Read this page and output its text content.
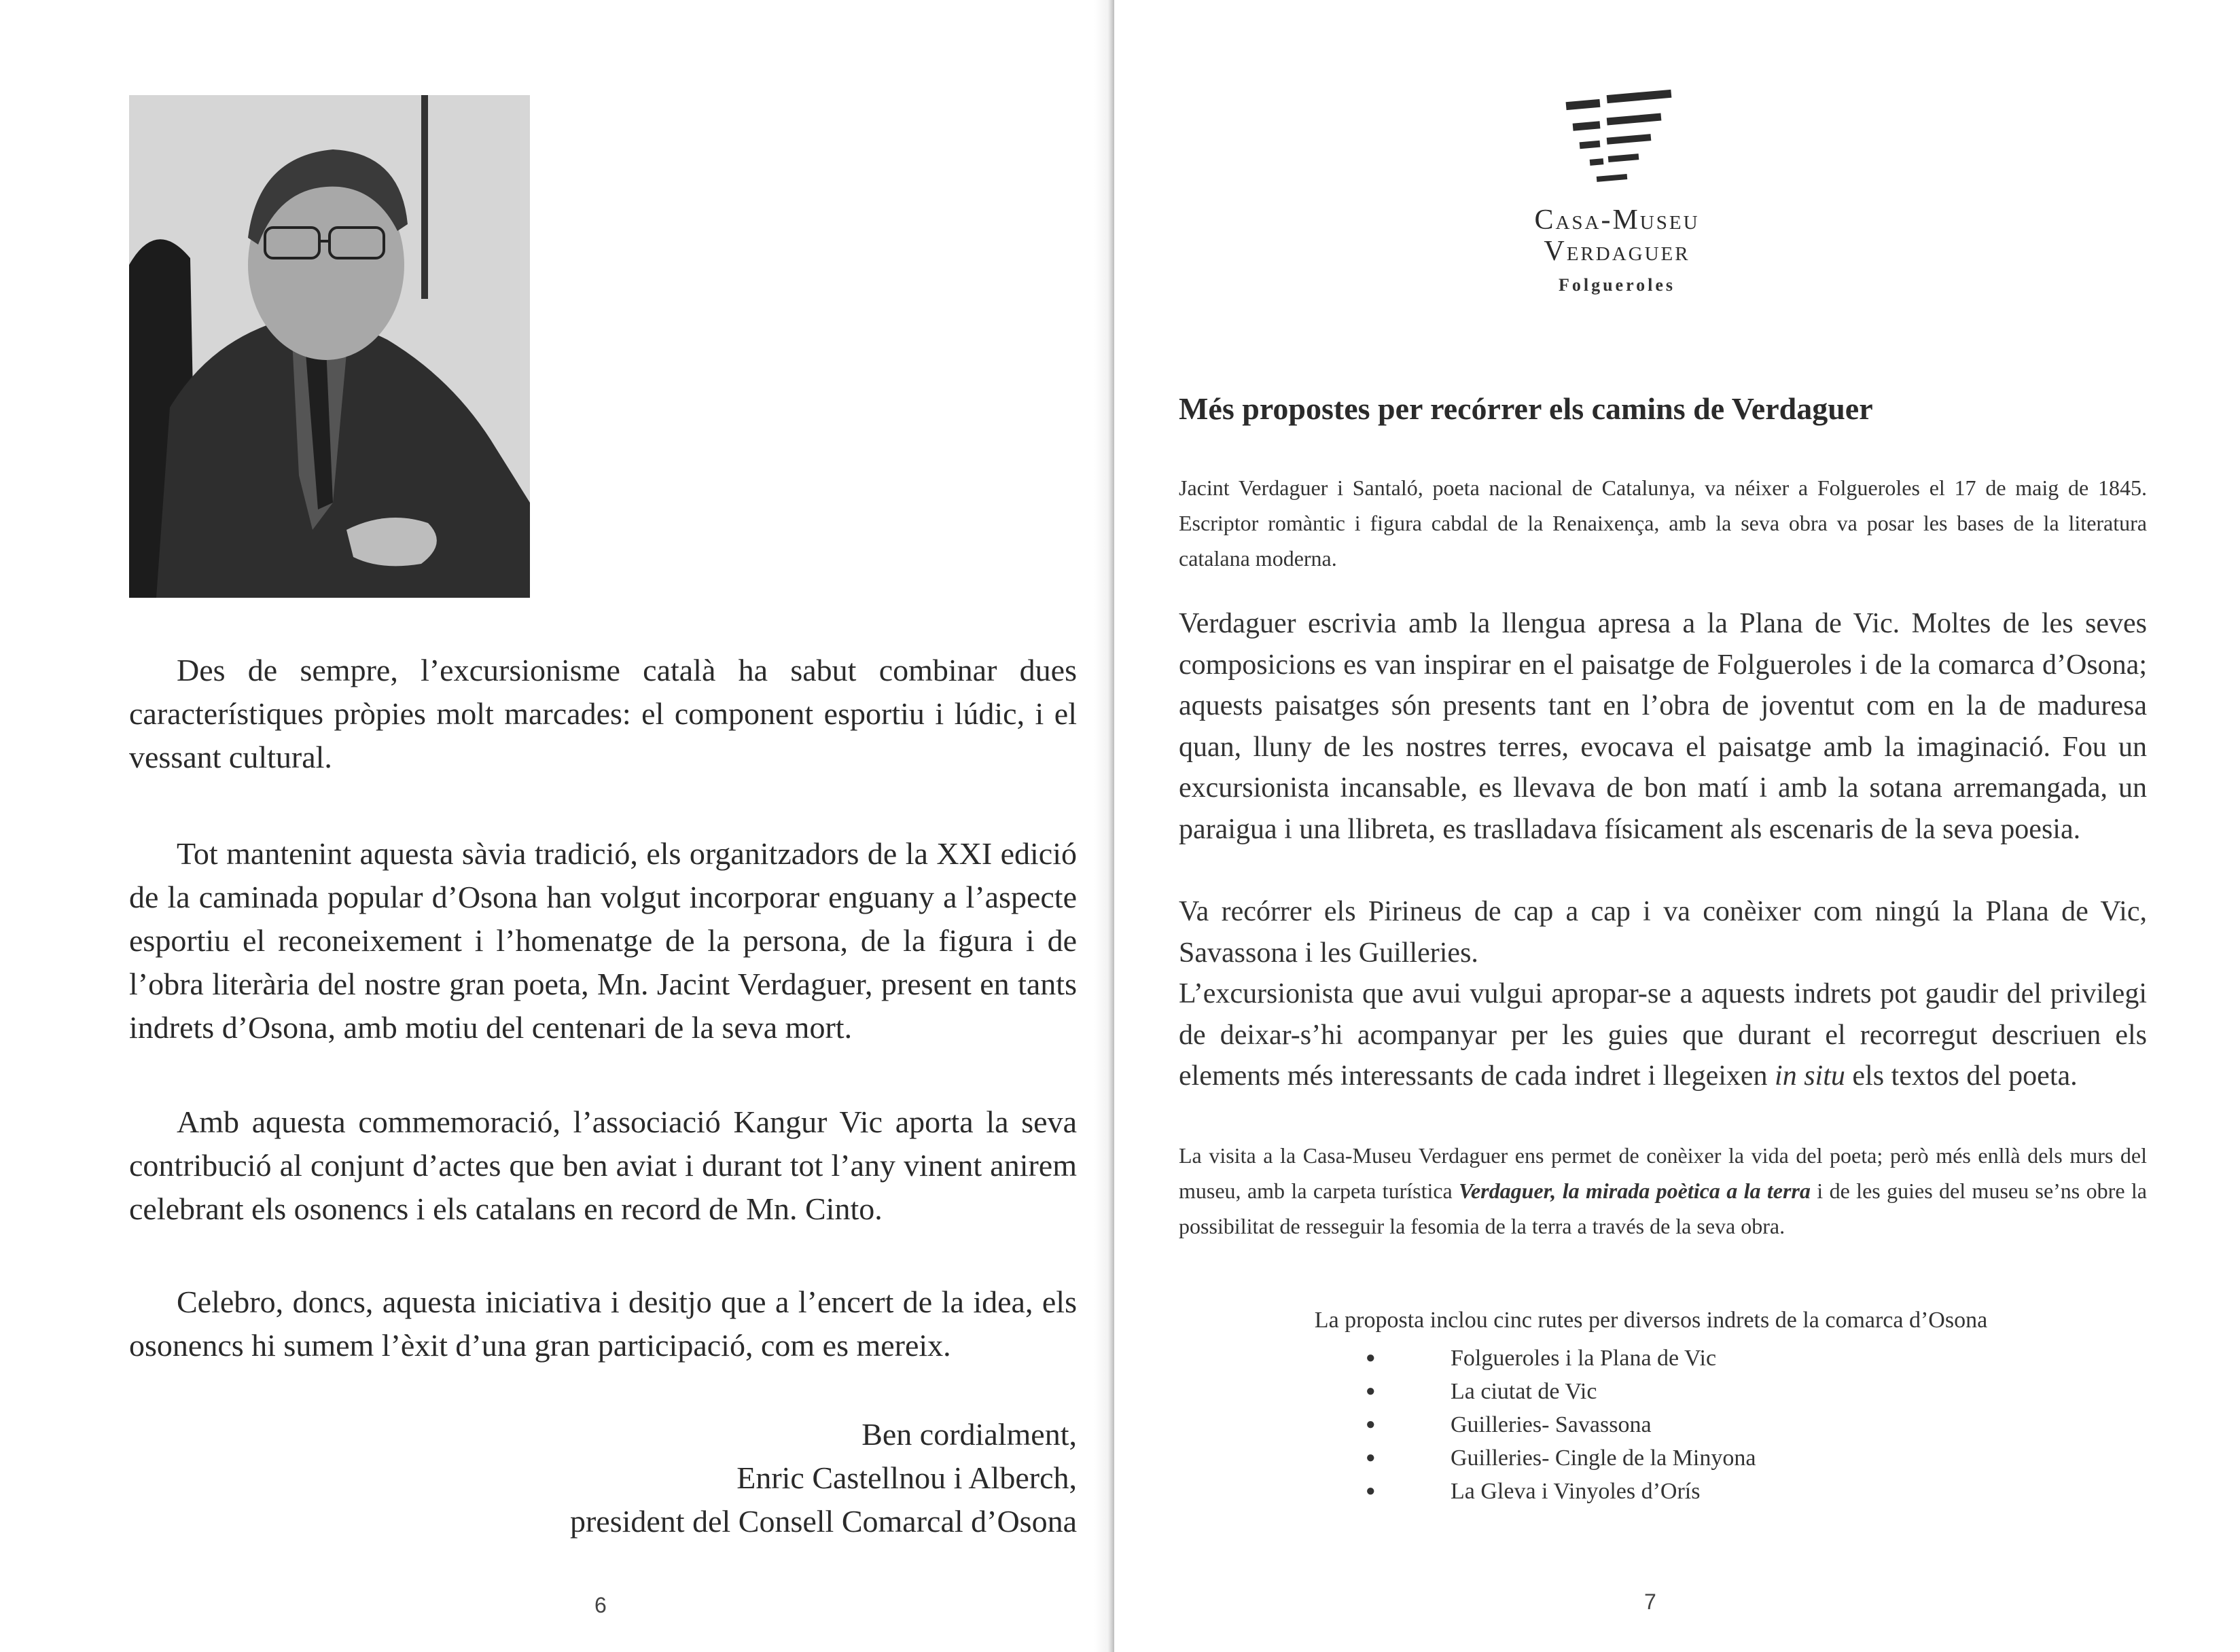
Des de sempre, l’excursionisme català ha sabut combinar dues característiques pròpies molt marcades: el component esportiu i lúdic, i el vessant cultural.

Tot mantenint aquesta sàvia tradició, els organitzadors de la XXI edició de la caminada popular d’Osona han volgut incorporar enguany a l’aspecte esportiu el reconeixement i l’homenatge de la persona, de la figura i de l’obra literària del nostre gran poeta, Mn. Jacint Verdaguer, present en tants indrets d’Osona, amb motiu del centenari de la seva mort.

Amb aquesta commemoració, l’associació Kangur Vic aporta la seva contribució al conjunt d’actes que ben aviat i durant tot l’any vinent anirem celebrant els osonencs i els catalans en record de Mn. Cinto.

Celebro, doncs, aquesta iniciativa i desitjo que a l’encert de la idea, els osonencs hi sumem l’èxit d’una gran participació, com es mereix.

Ben cordialment,

Enric Castellnou i Alberch,

president del Consell Comarcal d’Osona

6

Casa-Museu

Verdaguer

Folgueroles

Més propostes per recórrer els camins de Verdaguer

Jacint Verdaguer i Santaló, poeta nacional de Catalunya, va néixer a Folgueroles el 17 de maig de 1845. Escriptor romàntic i figura cabdal de la Renaixença, amb la seva obra va posar les bases de la literatura catalana moderna.

Verdaguer escrivia amb la llengua apresa a la Plana de Vic. Moltes de les seves composicions es van inspirar en el paisatge de Folgueroles i de la comarca d’Osona; aquests paisatges són presents tant en l’obra de joventut com en la de maduresa quan, lluny de les nostres terres, evocava el paisatge amb la imaginació. Fou un excursionista incansable, es llevava de bon matí i amb la sotana arremangada, un paraigua i una llibreta, es traslladava físicament als escenaris de la seva poesia.

Va recórrer els Pirineus de cap a cap i va conèixer com ningú la Plana de Vic, Savassona i les Guilleries.

L’excursionista que avui vulgui apropar-se a aquests indrets pot gaudir del privilegi de deixar-s’hi acompanyar per les guies que durant el recorregut descriuen els elements més interessants de cada indret i llegeixen in situ els textos del poeta.

La visita a la Casa-Museu Verdaguer ens permet de conèixer la vida del poeta; però més enllà dels murs del museu, amb la carpeta turística Verdaguer, la mirada poètica a la terra i de les guies del museu se’ns obre la possibilitat de resseguir la fesomia de la terra a través de la seva obra.

La proposta inclou cinc rutes per diversos indrets de la comarca d’Osona

● Folgueroles i la Plana de Vic
● La ciutat de Vic
● Guilleries- Savassona
● Guilleries- Cingle de la Minyona
● La Gleva i Vinyoles d’Orís
7
